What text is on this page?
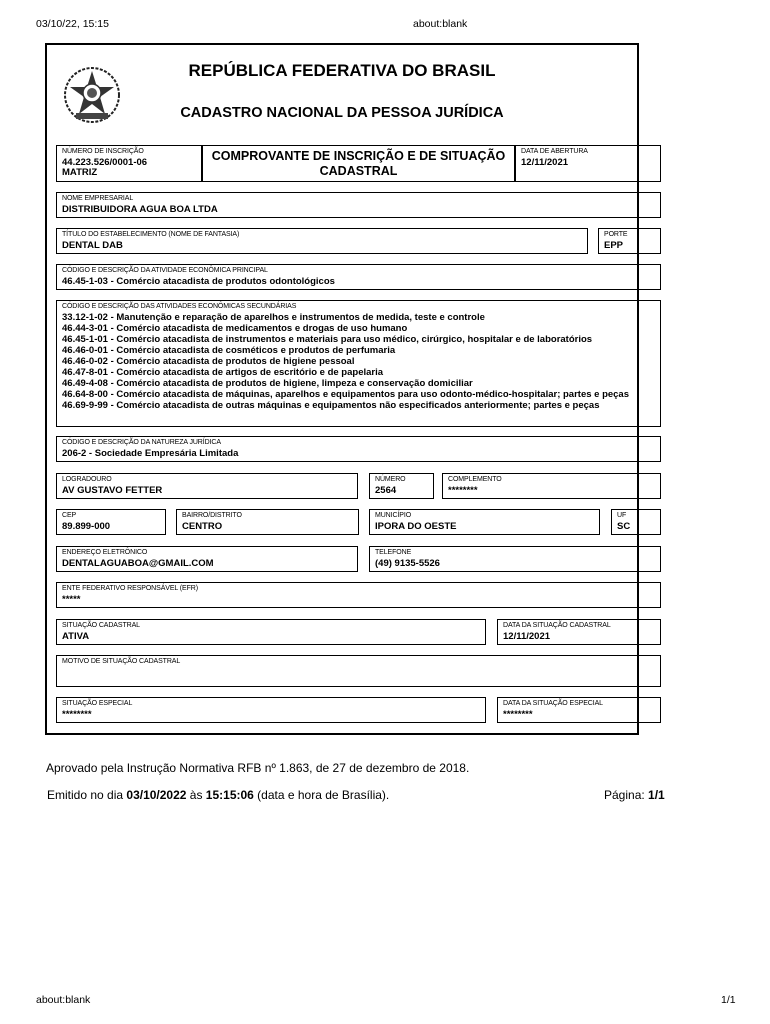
03/10/22, 15:15	about:blank
REPÚBLICA FEDERATIVA DO BRASIL
CADASTRO NACIONAL DA PESSOA JURÍDICA
NÚMERO DE INSCRIÇÃO
44.223.526/0001-06
MATRIZ
COMPROVANTE DE INSCRIÇÃO E DE SITUAÇÃO
CADASTRAL
DATA DE ABERTURA
12/11/2021
NOME EMPRESARIAL
DISTRIBUIDORA AGUA BOA LTDA
TÍTULO DO ESTABELECIMENTO (NOME DE FANTASIA)
DENTAL DAB
PORTE
EPP
CÓDIGO E DESCRIÇÃO DA ATIVIDADE ECONÔMICA PRINCIPAL
46.45-1-03 - Comércio atacadista de produtos odontológicos
CÓDIGO E DESCRIÇÃO DAS ATIVIDADES ECONÔMICAS SECUNDÁRIAS
33.12-1-02 - Manutenção e reparação de aparelhos e instrumentos de medida, teste e controle
46.44-3-01 - Comércio atacadista de medicamentos e drogas de uso humano
46.45-1-01 - Comércio atacadista de instrumentos e materiais para uso médico, cirúrgico, hospitalar e de laboratórios
46.46-0-01 - Comércio atacadista de cosméticos e produtos de perfumaria
46.46-0-02 - Comércio atacadista de produtos de higiene pessoal
46.47-8-01 - Comércio atacadista de artigos de escritório e de papelaria
46.49-4-08 - Comércio atacadista de produtos de higiene, limpeza e conservação domiciliar
46.64-8-00 - Comércio atacadista de máquinas, aparelhos e equipamentos para uso odonto-médico-hospitalar; partes e peças
46.69-9-99 - Comércio atacadista de outras máquinas e equipamentos não especificados anteriormente; partes e peças
CÓDIGO E DESCRIÇÃO DA NATUREZA JURÍDICA
206-2 - Sociedade Empresária Limitada
LOGRADOURO
AV GUSTAVO FETTER
NÚMERO
2564
COMPLEMENTO
********
CEP
89.899-000
BAIRRO/DISTRITO
CENTRO
MUNICÍPIO
IPORA DO OESTE
UF
SC
ENDEREÇO ELETRÔNICO
DENTALAGUABOA@GMAIL.COM
TELEFONE
(49) 9135-5526
ENTE FEDERATIVO RESPONSÁVEL (EFR)
*****
SITUAÇÃO CADASTRAL
ATIVA
DATA DA SITUAÇÃO CADASTRAL
12/11/2021
MOTIVO DE SITUAÇÃO CADASTRAL
SITUAÇÃO ESPECIAL
********
DATA DA SITUAÇÃO ESPECIAL
********
Aprovado pela Instrução Normativa RFB nº 1.863, de 27 de dezembro de 2018.
Emitido no dia 03/10/2022 às 15:15:06 (data e hora de Brasília).	Página: 1/1
about:blank	1/1
